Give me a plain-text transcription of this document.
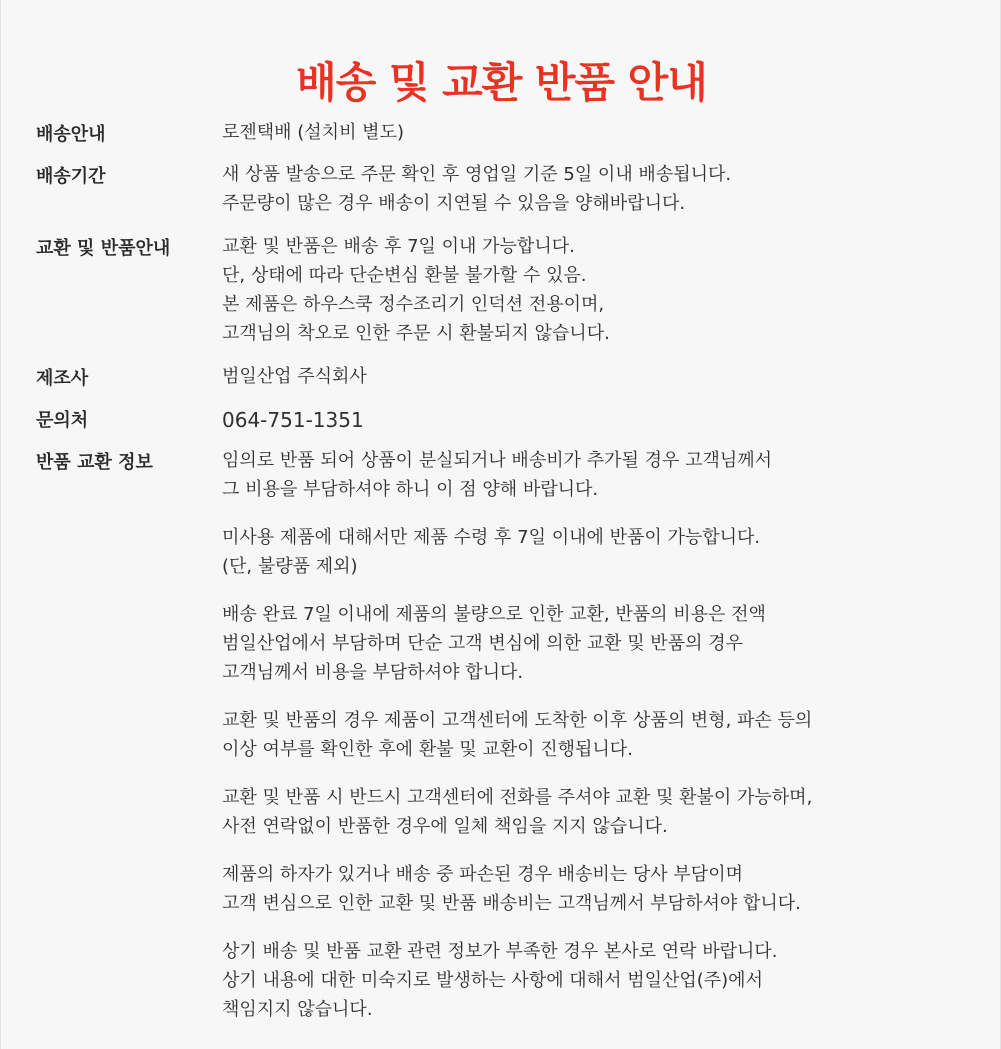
배송 및 교환 반품 안내
배송안내	로젠택배 (설치비 별도)
배송기간	새 상품 발송으로 주문 확인 후 영업일 기준 5일 이내 배송됩니다.
주문량이 많은 경우 배송이 지연될 수 있음을 양해바랍니다.
교환 및 반품안내	교환 및 반품은 배송 후 7일 이내 가능합니다.
단, 상태에 따라 단순변심 환불 불가할 수 있음.
본 제품은 하우스쿡 정수조리기 인덕션 전용이며,
고객님의 착오로 인한 주문 시 환불되지 않습니다.
제조사	범일산업 주식회사
문의처	064-751-1351
반품 교환 정보	임의로 반품 되어 상품이 분실되거나 배송비가 추가될 경우 고객님께서
그 비용을 부담하셔야 하니 이 점 양해 바랍니다.
미사용 제품에 대해서만 제품 수령 후 7일 이내에 반품이 가능합니다.
(단, 불량품 제외)
배송 완료 7일 이내에 제품의 불량으로 인한 교환, 반품의 비용은 전액
범일산업에서 부담하며 단순 고객 변심에 의한 교환 및 반품의 경우
고객님께서 비용을 부담하셔야 합니다.
교환 및 반품의 경우 제품이 고객센터에 도착한 이후 상품의 변형, 파손 등의
이상 여부를 확인한 후에 환불 및 교환이 진행됩니다.
교환 및 반품 시 반드시 고객센터에 전화를 주셔야 교환 및 환불이 가능하며,
사전 연락없이 반품한 경우에 일체 책임을 지지 않습니다.
제품의 하자가 있거나 배송 중 파손된 경우 배송비는 당사 부담이며
고객 변심으로 인한 교환 및 반품 배송비는 고객님께서 부담하셔야 합니다.
상기 배송 및 반품 교환 관련 정보가 부족한 경우 본사로 연락 바랍니다.
상기 내용에 대한 미숙지로 발생하는 사항에 대해서 범일산업(주)에서
책임지지 않습니다.
